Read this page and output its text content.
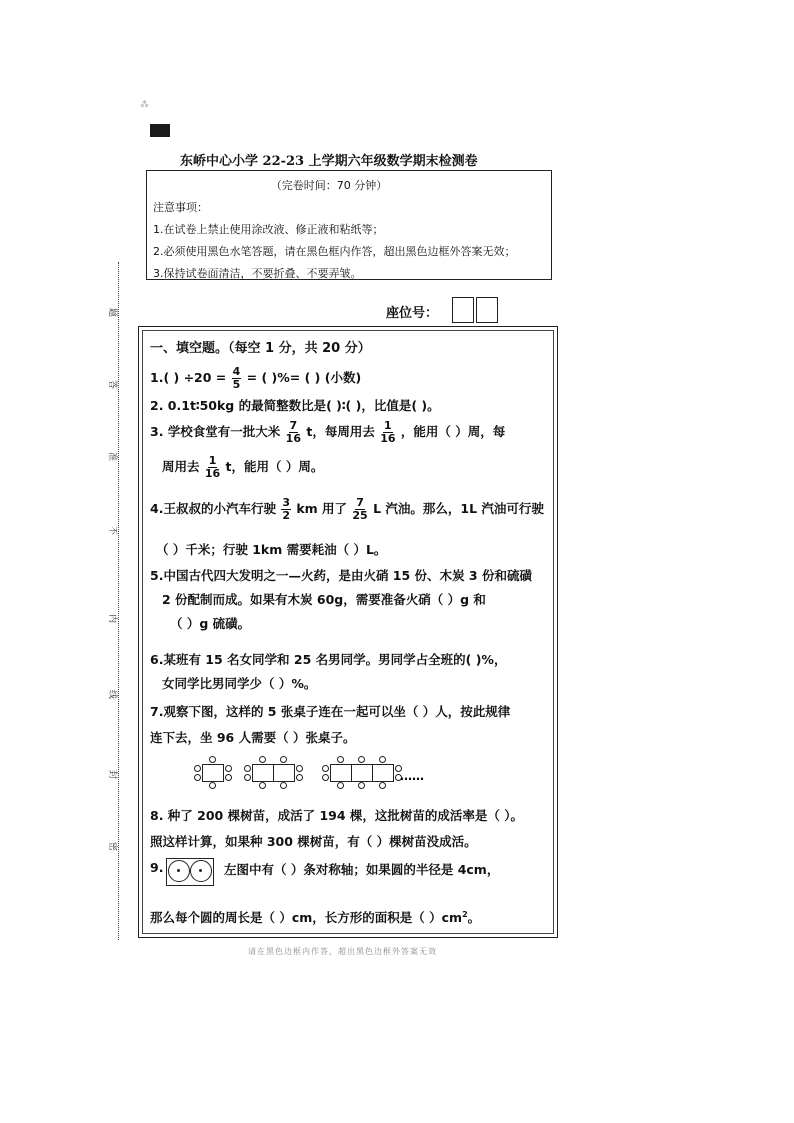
⁂
东峤中心小学 22-23 上学期六年级数学期末检测卷
（完卷时间：70 分钟）
注意事项：
1.在试卷上禁止使用涂改液、修正液和粘纸等；
2.必须使用黑色水笔答题，请在黑色框内作答，超出黑色边框外答案无效；
3.保持试卷面清洁，不要折叠、不要弄皱。
题
答
准
不
内
线
封
密
座位号：
一、填空题。（每空 1 分，共 20 分）
1.( ) $\div 20 = \frac{4}{5}$ = ( )%= ( ) (小数)
2. 0.1t∶50kg 的最简整数比是( )∶( )，比值是( )。
3. 学校食堂有一批大米 $\frac{7}{16}$ t，每周用去 $\frac{1}{16}$ ，能用（ ）周，每
周用去 $\frac{1}{16}$ t，能用（ ）周。
4.王叔叔的小汽车行驶 $\frac{3}{2}$ km 用了 $\frac{7}{25}$ L 汽油。那么，1L 汽油可行驶
（ ）千米；行驶 1km 需要耗油（ ）L。
5.中国古代四大发明之一—火药，是由火硝 15 份、木炭 3 份和硫磺
2 份配制而成。如果有木炭 60g，需要准备火硝（ ）g 和
（ ）g 硫磺。
6.某班有 15 名女同学和 25 名男同学。男同学占全班的( )%，
女同学比男同学少（ ）%。
7.观察下图，这样的 5 张桌子连在一起可以坐（ ）人，按此规律
连下去，坐 96 人需要（ ）张桌子。
……
8. 种了 200 棵树苗，成活了 194 棵，这批树苗的成活率是（ ）。
照这样计算，如果种 300 棵树苗，有（ ）棵树苗没成活。
9.	左图中有（ ）条对称轴；如果圆的半径是 4cm，
那么每个圆的周长是（ ）cm，长方形的面积是（ ）$cm^2$。
请在黑色边框内作答，超出黑色边框外答案无效
